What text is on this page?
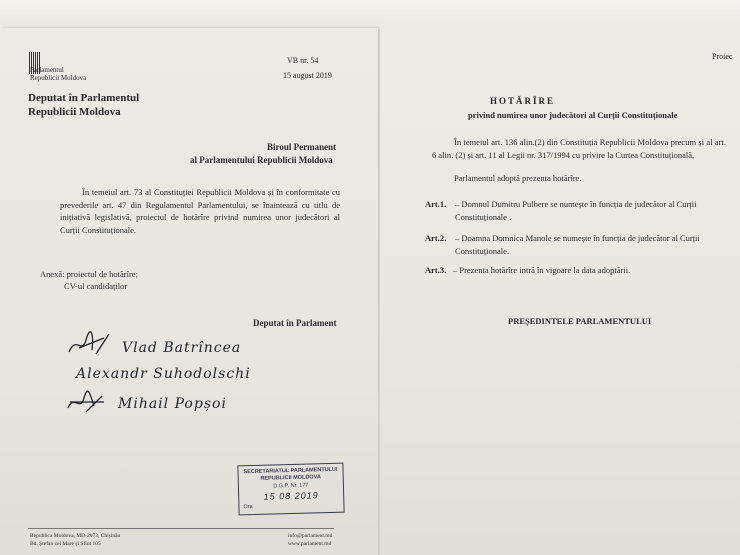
Parlamentul
Republicii Moldova
VB nr. 54
15 august 2019
Deputat în Parlamentul
Republicii Moldova
Biroul Permanent
al Parlamentului Republicii Moldova
În temeiul art. 73 al Constituției Republicii Moldova și în conformitate cu prevederile art. 47 din Regulamentul Parlamentului, se înaintează cu titlu de inițiativă legislativă, proiectul de hotărîre privind numirea unor judecători al Curții Constituționale.
Anexă: proiectul de hotărîre;
CV-ul candidaților
Deputat în Parlament
Vlad Batrîncea
Alexandr Suhodolschi
Mihail Popșoi
SECRETARIATUL PARLAMENTULUI
REPUBLICII MOLDOVA
D.G.P. Nr. 177
15 08 2019
Ora
Republica Moldova, MD-2073, Chișinău
Bd. Ștefan cel Mare și Sfînt 105
info@parlament.md
www.parlament.md
Proiec
HOTĂRÎRE
privind numirea unor judecători al Curții Constituționale
În temeiul art. 136 alin.(2) din Constituția Republicii Moldova precum și al art. 6 alin. (2) și art. 11 al Legii nr. 317/1994 cu privire la Curtea Constituțională,
Parlamentul adoptă prezenta hotărîre.
Art.1. – Domnul Dumitru Pulbere se numește în funcția de judecător al Curții
Constituționale .
Art.2. – Doamna Domnica Manole se numește în funcția de judecător al Curții
Constituționale.
Art.3. – Prezenta hotărîre intră în vigoare la data adoptării.
PREȘEDINTELE PARLAMENTULUI
